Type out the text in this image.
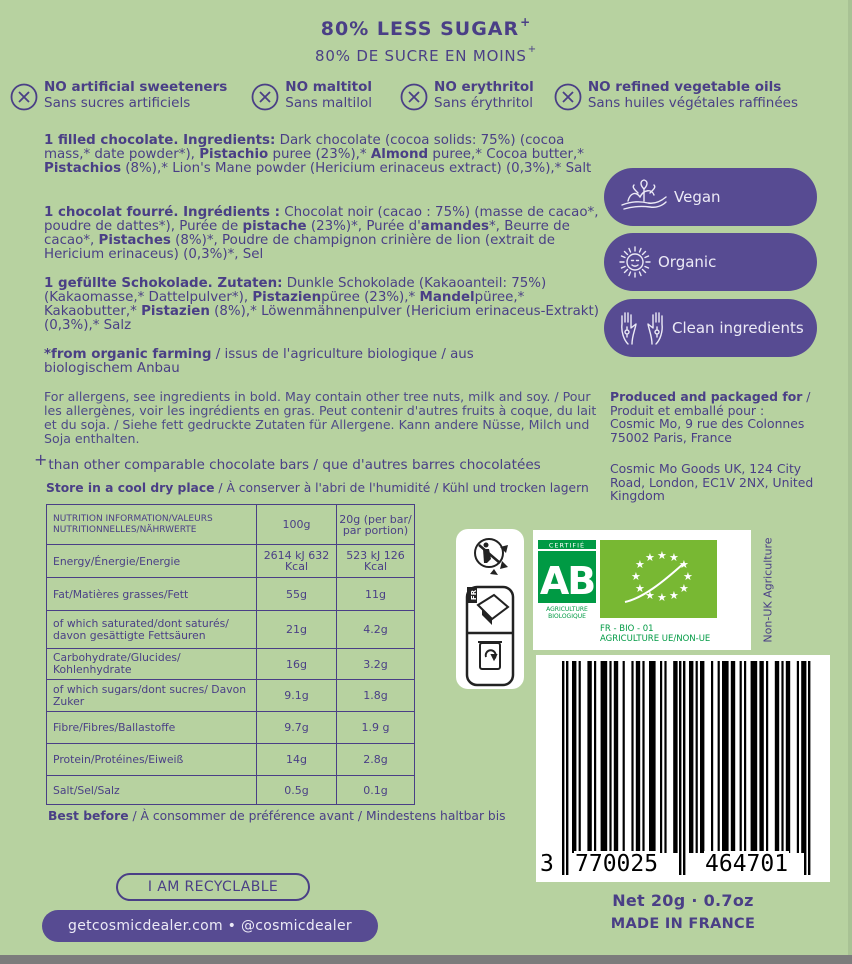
80% LESS SUGAR+
80% DE SUCRE EN MOINS+
NO artificial sweeteners
Sans sucres artificiels
NO maltitol
Sans maltilol
NO erythritol
Sans érythritol
NO refined vegetable oils
Sans huiles végétales raffinées
1 filled chocolate. Ingredients: Dark chocolate (cocoa solids: 75%) (cocoa mass,* date powder*), Pistachio puree (23%),* Almond puree,* Cocoa butter,* Pistachios (8%),* Lion's Mane powder (Hericium erinaceus extract) (0,3%),* Salt
1 chocolat fourré. Ingrédients : Chocolat noir (cacao : 75%) (masse de cacao*, poudre de dattes*), Purée de pistache (23%)*, Purée d'amandes*, Beurre de cacao*, Pistaches (8%)*, Poudre de champignon crinière de lion (extrait de Hericium erinaceus) (0,3%)*, Sel
1 gefüllte Schokolade. Zutaten: Dunkle Schokolade (Kakaoanteil: 75%) (Kakaomasse,* Dattelpulver*), Pistazienpüree (23%),* Mandelpüree,* Kakaobutter,* Pistazien (8%),* Löwenmähnenpulver (Hericium erinaceus-Extrakt) (0,3%),* Salz
*from organic farming / issus de l'agriculture biologique / aus biologischem Anbau
For allergens, see ingredients in bold. May contain other tree nuts, milk and soy. / Pour les allergènes, voir les ingrédients en gras. Peut contenir d'autres fruits à coque, du lait et du soja. / Siehe fett gedruckte Zutaten für Allergene. Kann andere Nüsse, Milch und Soja enthalten.
Produced and packaged for /
Produit et emballé pour :
Cosmic Mo, 9 rue des Colonnes 75002 Paris, France
Cosmic Mo Goods UK, 124 City Road, London, EC1V 2NX, United Kingdom
+than other comparable chocolate bars / que d'autres barres chocolatées
Store in a cool dry place / À conserver à l'abri de l'humidité / Kühl und trocken lagern
Vegan
Organic
Clean ingredients
NUTRITION INFORMATION/VALEURS NUTRITIONNELLES/NÄHRWERTE	100g	20g (per bar/ par portion)
Energy/Énergie/Energie	2614 kJ 632 Kcal	523 kJ 126 Kcal
Fat/Matières grasses/Fett	55g	11g
of which saturated/dont saturés/ davon gesättigte Fettsäuren	21g	4.2g
Carbohydrate/Glucides/ Kohlenhydrate	16g	3.2g
of which sugars/dont sucres/ Davon Zuker	9.1g	1.8g
Fibre/Fibres/Ballastoffe	9.7g	1.9 g
Protein/Protéines/Eiweiß	14g	2.8g
Salt/Sel/Salz	0.5g	0.1g
Best before / À consommer de préférence avant / Mindestens haltbar bis
I AM RECYCLABLE
getcosmicdealer.com • @cosmicdealer
FR
CERTIFIÉ
AB
AGRICULTURE
BIOLOGIQUE
★ ★ ★
★
★
★
★
★
★
★
★
★
FR - BIO - 01
AGRICULTURE UE/NON-UE	Non-UK Agriculture
3 770025 464701
Net 20g · 0.7oz
MADE IN FRANCE
